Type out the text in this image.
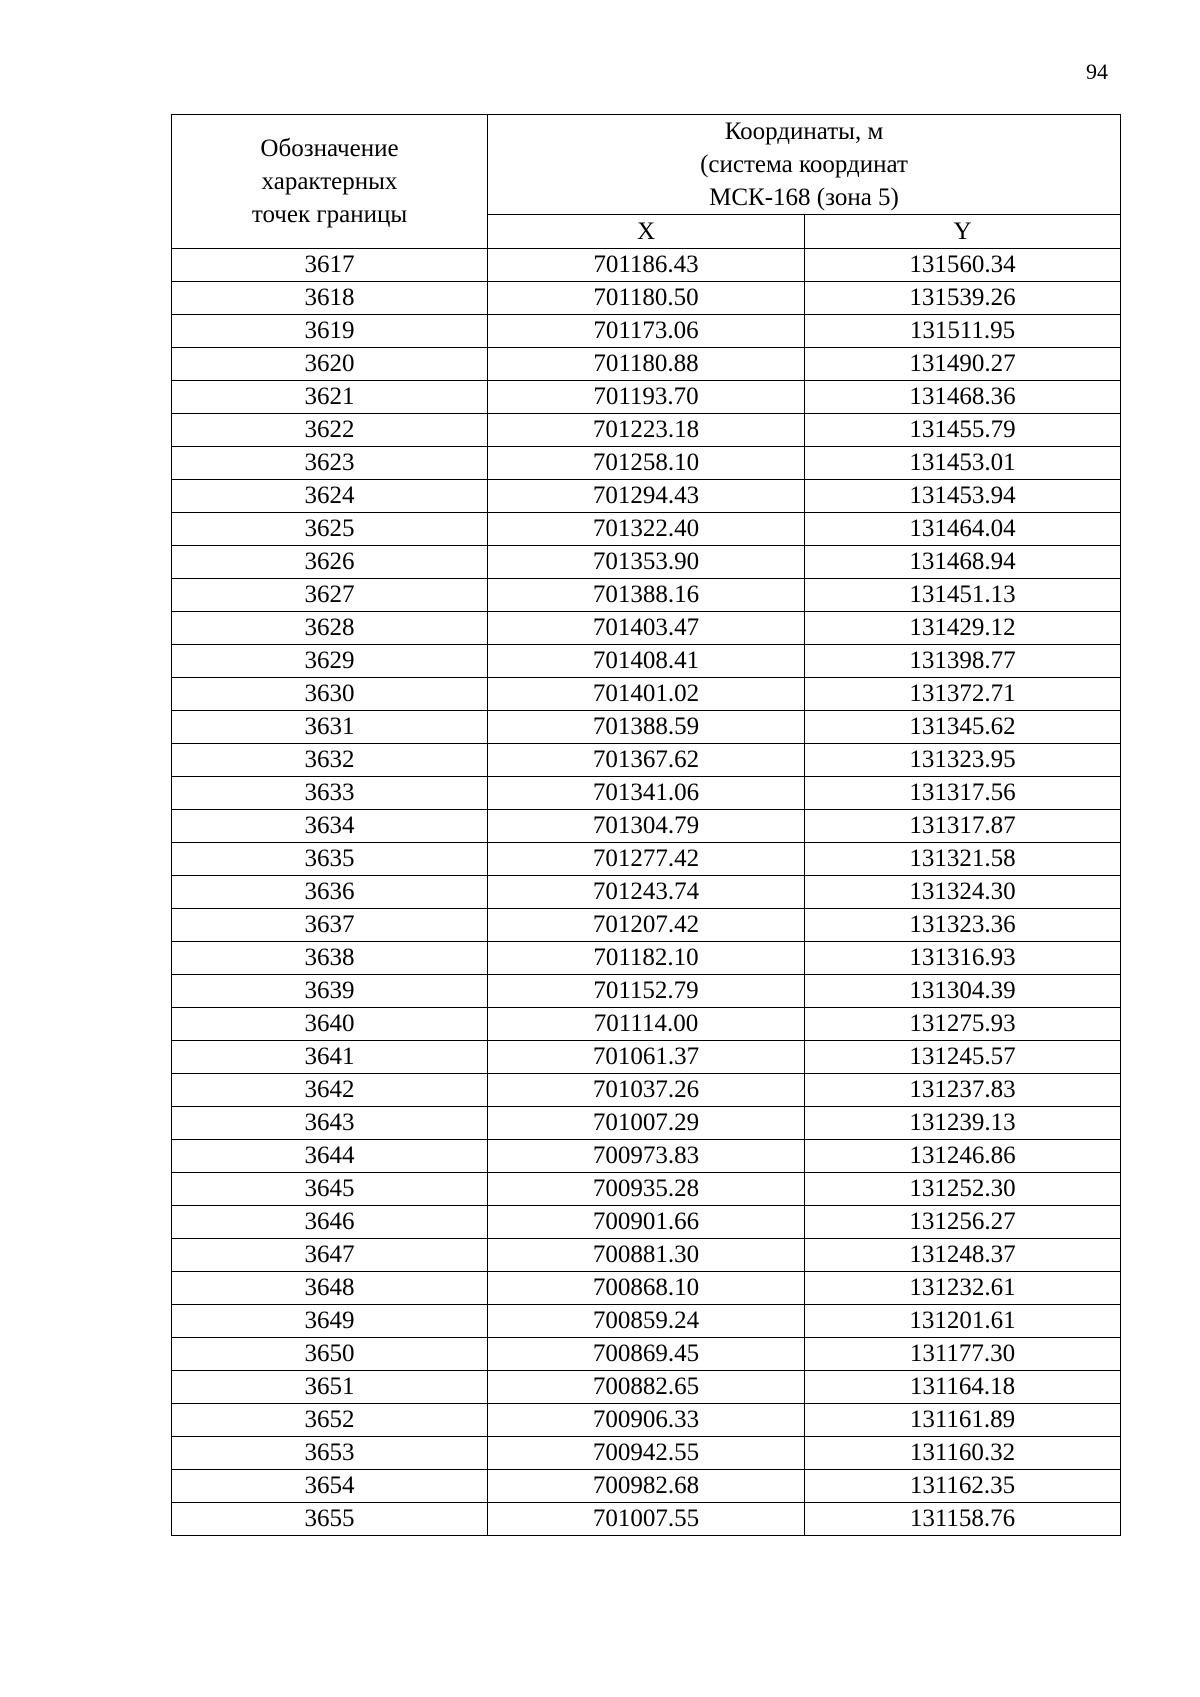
94
Обозначение
характерных
точек границы	Координаты, м
(система координат
МСК-168 (зона 5)	

	X	Y
3617	701186.43	131560.34
3618	701180.50	131539.26
3619	701173.06	131511.95
3620	701180.88	131490.27
3621	701193.70	131468.36
3622	701223.18	131455.79
3623	701258.10	131453.01
3624	701294.43	131453.94
3625	701322.40	131464.04
3626	701353.90	131468.94
3627	701388.16	131451.13
3628	701403.47	131429.12
3629	701408.41	131398.77
3630	701401.02	131372.71
3631	701388.59	131345.62
3632	701367.62	131323.95
3633	701341.06	131317.56
3634	701304.79	131317.87
3635	701277.42	131321.58
3636	701243.74	131324.30
3637	701207.42	131323.36
3638	701182.10	131316.93
3639	701152.79	131304.39
3640	701114.00	131275.93
3641	701061.37	131245.57
3642	701037.26	131237.83
3643	701007.29	131239.13
3644	700973.83	131246.86
3645	700935.28	131252.30
3646	700901.66	131256.27
3647	700881.30	131248.37
3648	700868.10	131232.61
3649	700859.24	131201.61
3650	700869.45	131177.30
3651	700882.65	131164.18
3652	700906.33	131161.89
3653	700942.55	131160.32
3654	700982.68	131162.35
3655	701007.55	131158.76
